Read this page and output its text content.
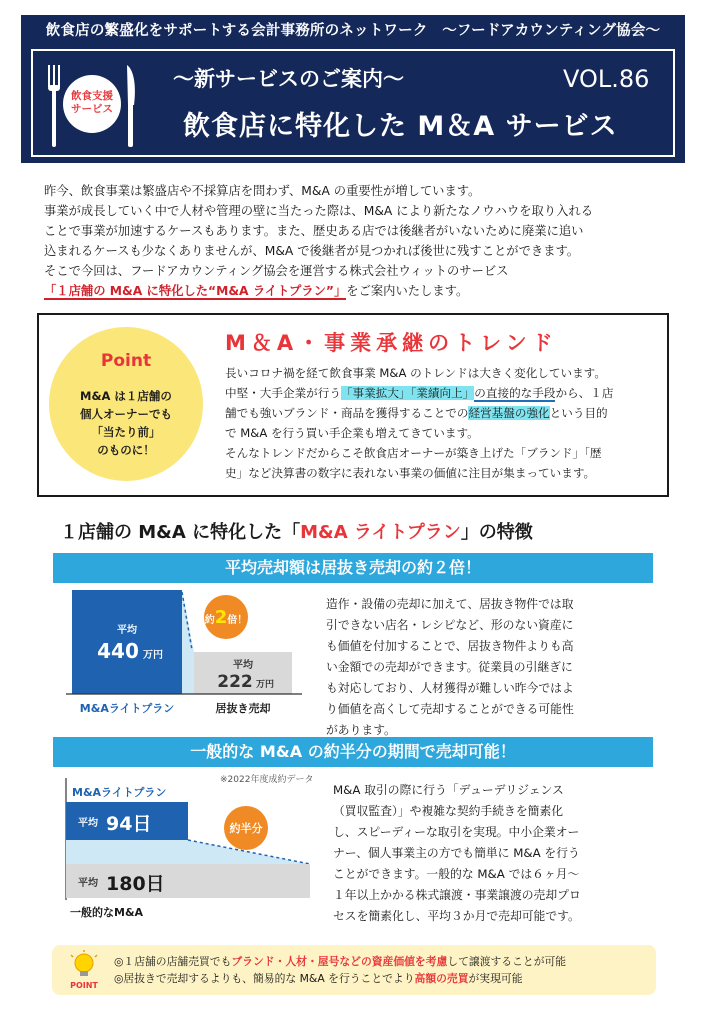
飲食店の繁盛化をサポートする会計事務所のネットワーク　〜フードアカウンティング協会〜
飲食支援
サービス
〜新サービスのご案内〜	VOL.86
飲食店に特化した M＆A サービス

昨今、飲食事業は繁盛店や不採算店を問わず、M&A の重要性が増しています。

事業が成長していく中で人材や管理の壁に当たった際は、M&A により新たなノウハウを取り入れる

ことで事業が加速するケースもあります。また、歴史ある店では後継者がいないために廃業に追い

込まれるケースも少なくありませんが、M&A で後継者が見つかれば後世に残すことができます。

そこで今回は、フードアカウンティング協会を運営する株式会社ウィットのサービス

「１店舗の M&A に特化した“M&A ライトプラン”」をご案内いたします。

Point
M&A は１店舗の
個人オーナーでも
「当たり前」
のものに！
M＆A・事業承継のトレンド

長いコロナ禍を経て飲食事業 M&A のトレンドは大きく変化しています。

中堅・大手企業が行う「事業拡大」「業績向上」の直接的な手段から、１店

舗でも強いブランド・商品を獲得することでの経営基盤の強化という目的

で M&A を行う買い手企業も増えてきています。

そんなトレンドだからこそ飲食店オーナーが築き上げた「ブランド」「歴

史」など決算書の数字に表れない事業の価値に注目が集まっています。

１店舗の M&A に特化した「M&A ライトプラン」の特徴
平均売却額は居抜き売却の約２倍！
平均
440 万円
平均
222 万円
M&Aライトプラン	居抜き売却
約2倍！

造作・設備の売却に加えて、居抜き物件では取

引できない店名・レシピなど、形のない資産に

も価値を付加することで、居抜き物件よりも高

い金額での売却ができます。従業員の引継ぎに

も対応しており、人材獲得が難しい昨今ではよ

り価値を高くして売却することができる可能性

があります。

一般的な M&A の約半分の期間で売却可能！
※2022年度成約データ
M&Aライトプラン
平均 94日
平均 180日
一般的なM&A
約半分

M&A 取引の際に行う「デューデリジェンス

（買収監査）」や複雑な契約手続きを簡素化

し、スピーディーな取引を実現。中小企業オー

ナー、個人事業主の方でも簡単に M&A を行う

ことができます。一般的な M&A では６ヶ月〜

１年以上かかる株式譲渡・事業譲渡の売却プロ

セスを簡素化し、平均３か月で売却可能です。

POINT

◎１店舗の店舗売買でもブランド・人材・屋号などの資産価値を考慮して譲渡することが可能

◎居抜きで売却するよりも、簡易的な M&A を行うことでより高額の売買が実現可能
